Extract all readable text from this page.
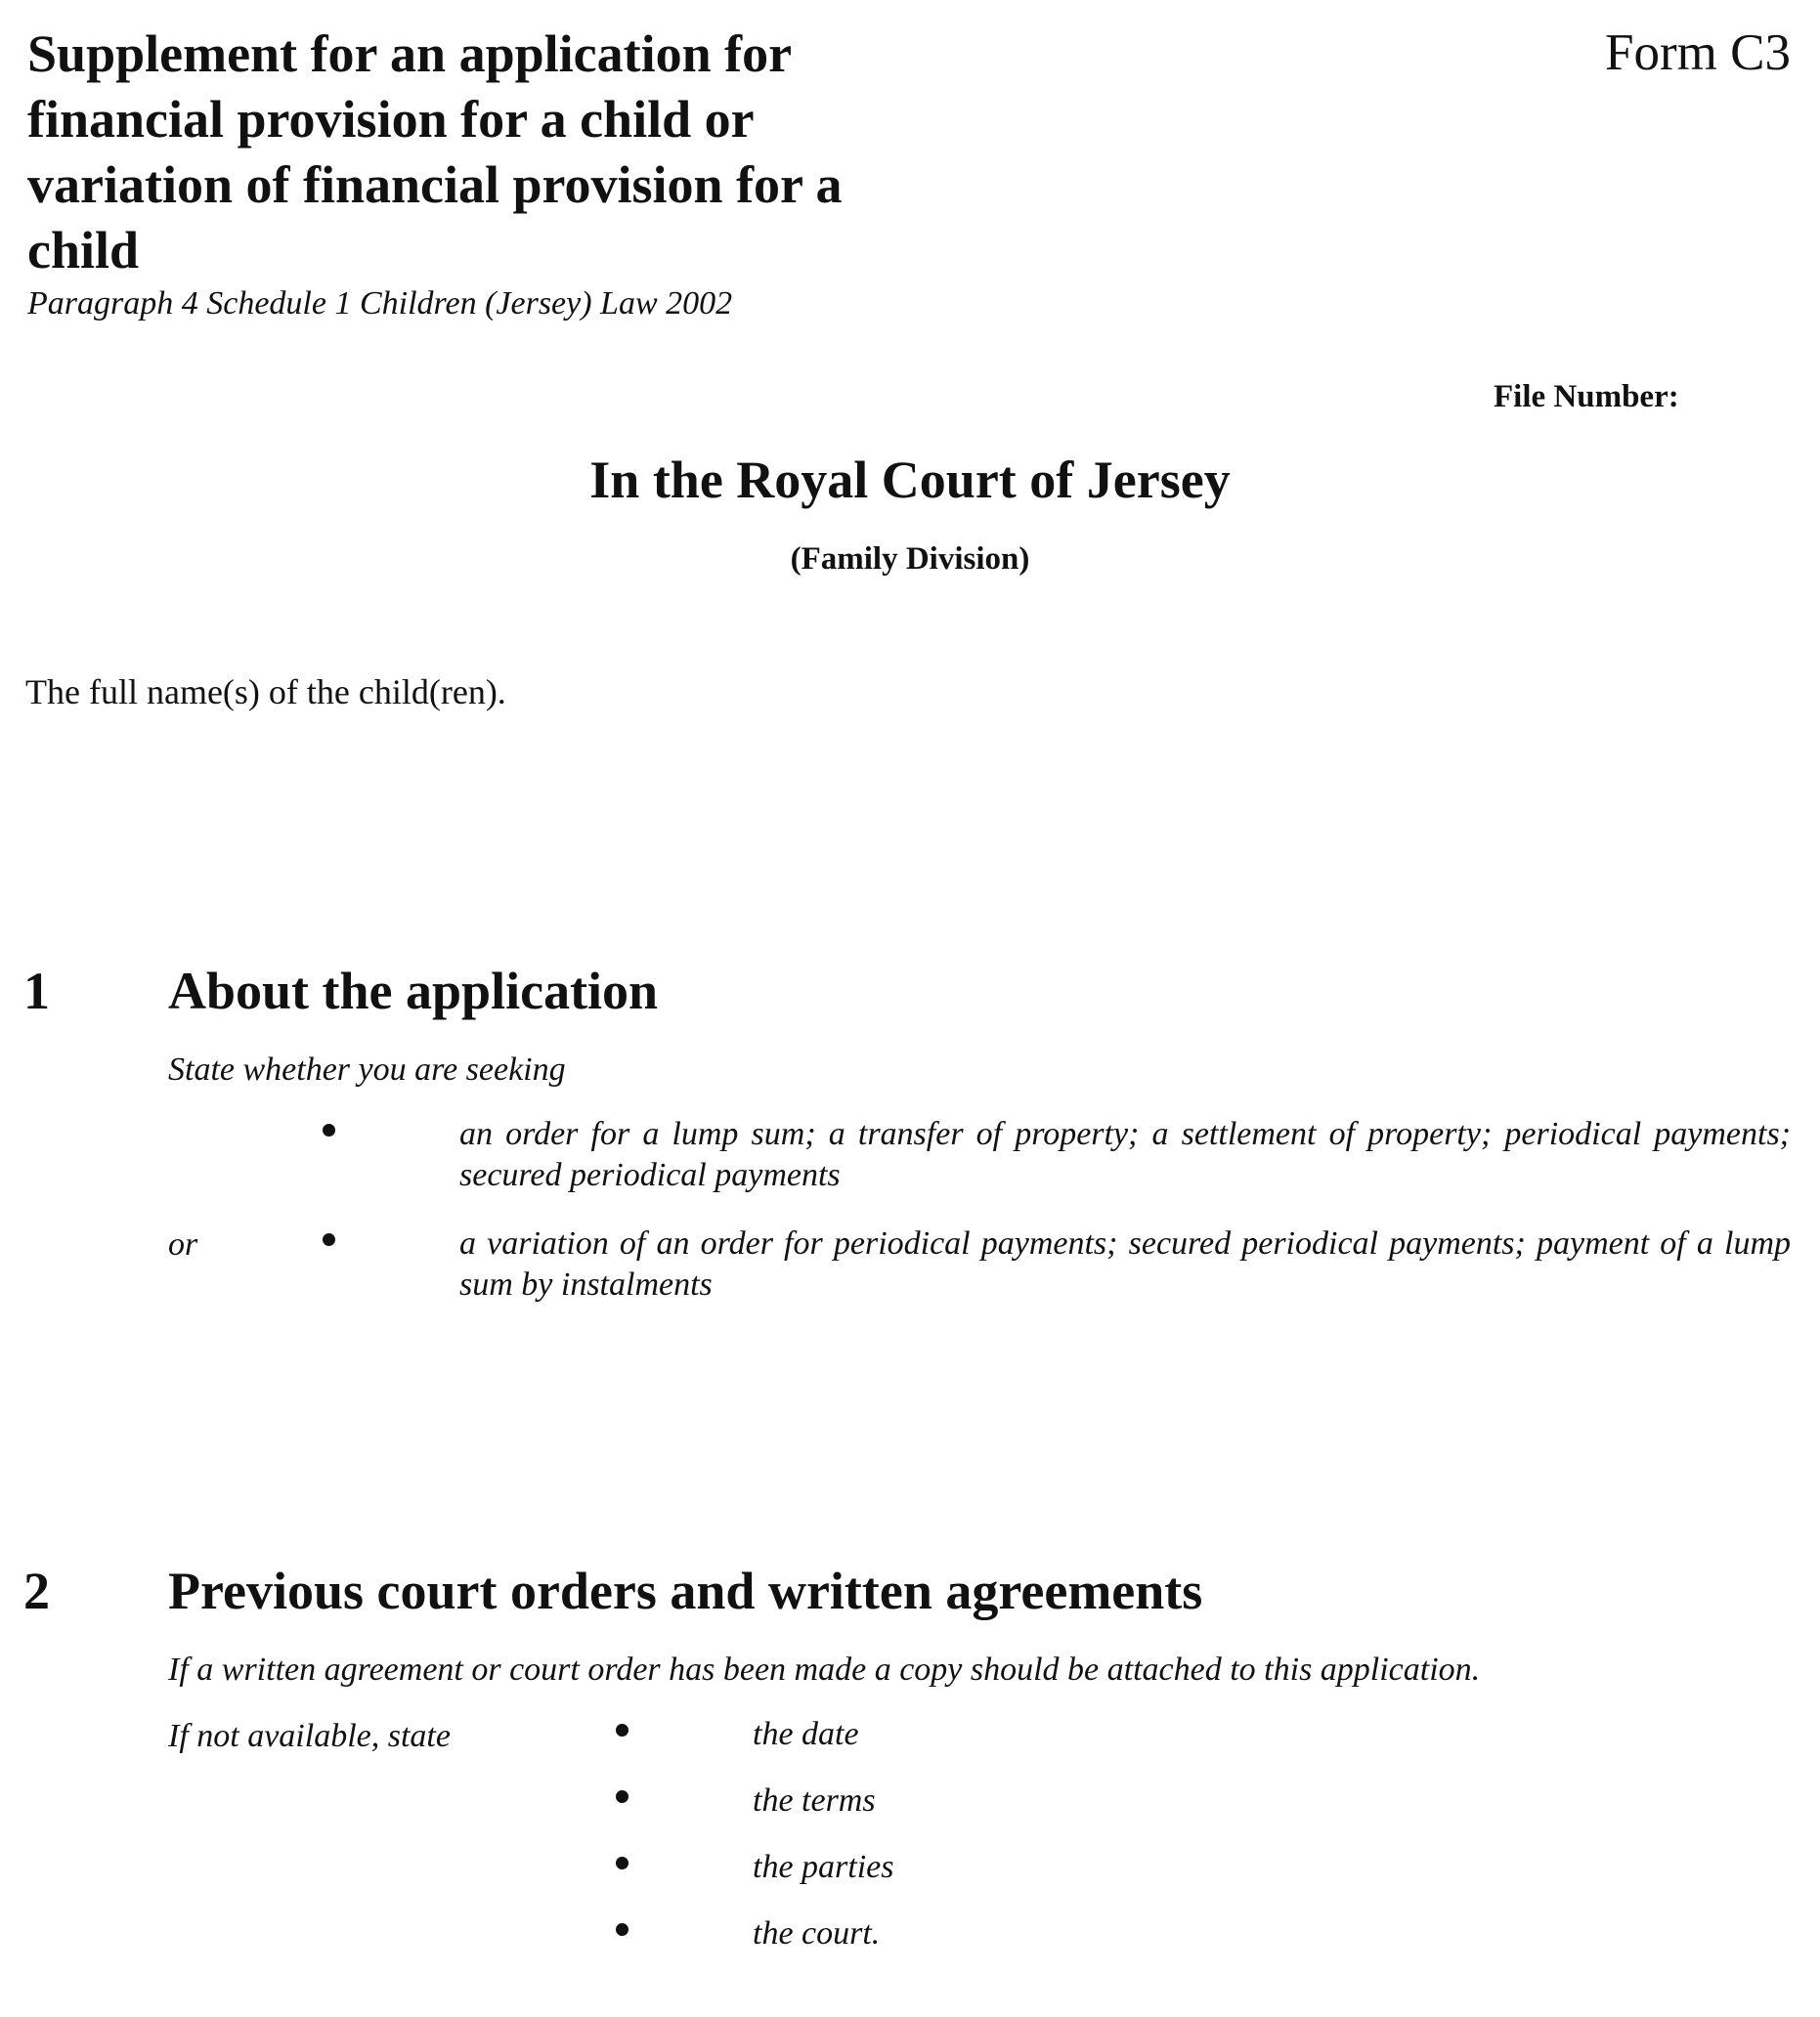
Supplement for an application for financial provision for a child or variation of financial provision for a child

Paragraph 4 Schedule 1 Children (Jersey) Law 2002

Form C3
File Number:
In the Royal Court of Jersey
(Family Division)
The full name(s) of the child(ren).
1 About the application
State whether you are seeking
an order for a lump sum; a transfer of property; a settlement of property; periodical payments; secured periodical payments
or	a variation of an order for periodical payments; secured periodical payments; payment of a lump sum by instalments
2 Previous court orders and written agreements
If a written agreement or court order has been made a copy should be attached to this application.
If not available, state	the date
the terms
the parties
the court.
